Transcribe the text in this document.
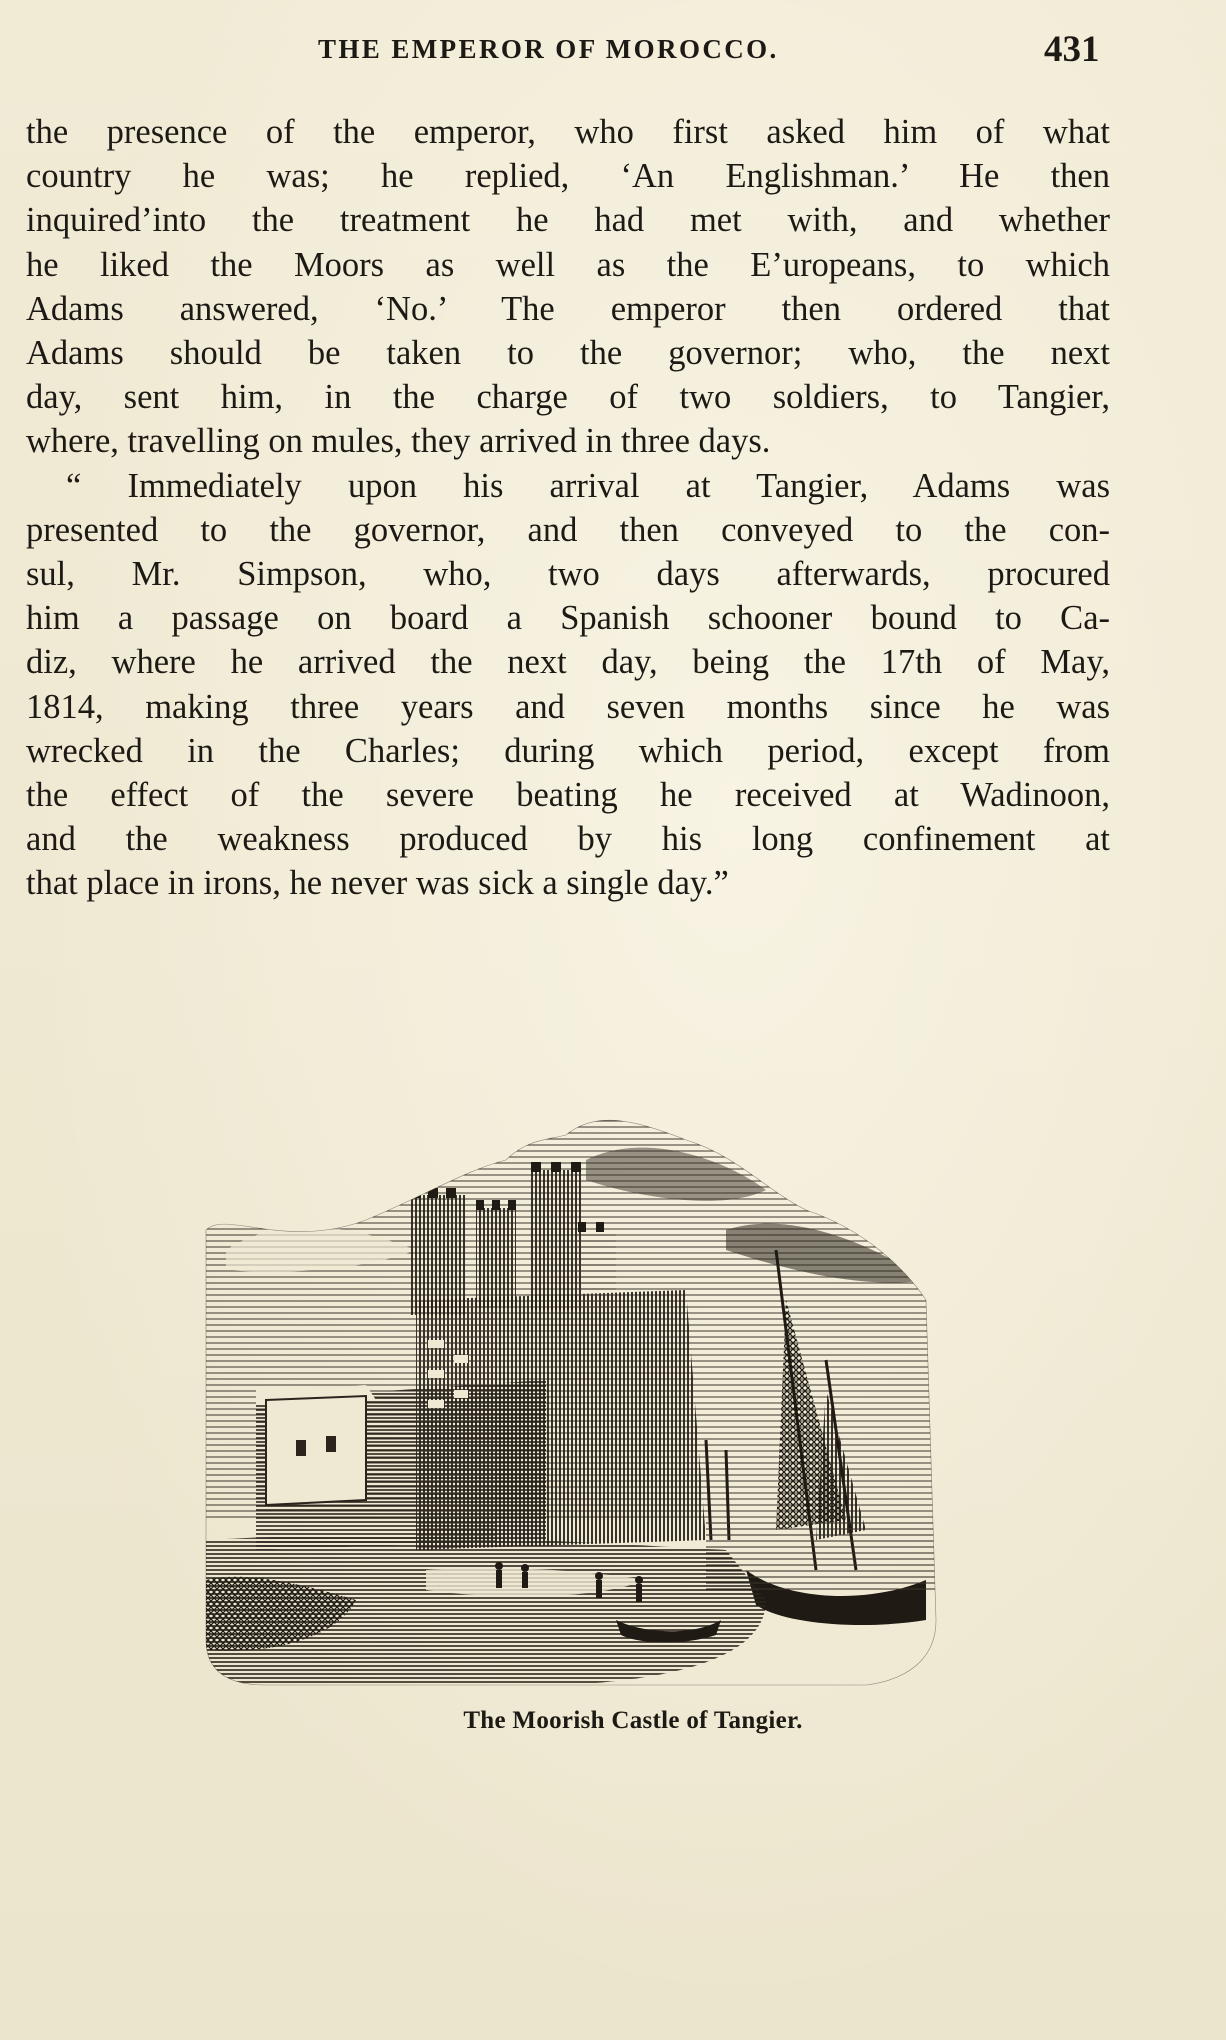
THE EMPEROR OF MOROCCO.	431

the presence of the emperor, who first asked him of what
country he was; he replied, ‘An Englishman.’ He then
inquired’into the treatment he had met with, and whether
he liked the Moors as well as the E’uropeans, to which
Adams answered, ‘No.’ The emperor then ordered that
Adams should be taken to the governor; who, the next
day, sent him, in the charge of two soldiers, to Tangier,
where, travelling on mules, they arrived in three days.

“ Immediately upon his arrival at Tangier, Adams was
presented to the governor, and then conveyed to the con-
sul, Mr. Simpson, who, two days afterwards, procured
him a passage on board a Spanish schooner bound to Ca-
diz, where he arrived the next day, being the 17th of May,
1814, making three years and seven months since he was
wrecked in the Charles; during which period, except from
the effect of the severe beating he received at Wadinoon,
and the weakness produced by his long confinement at
that place in irons, he never was sick a single day.”

The Moorish Castle of Tangier.
